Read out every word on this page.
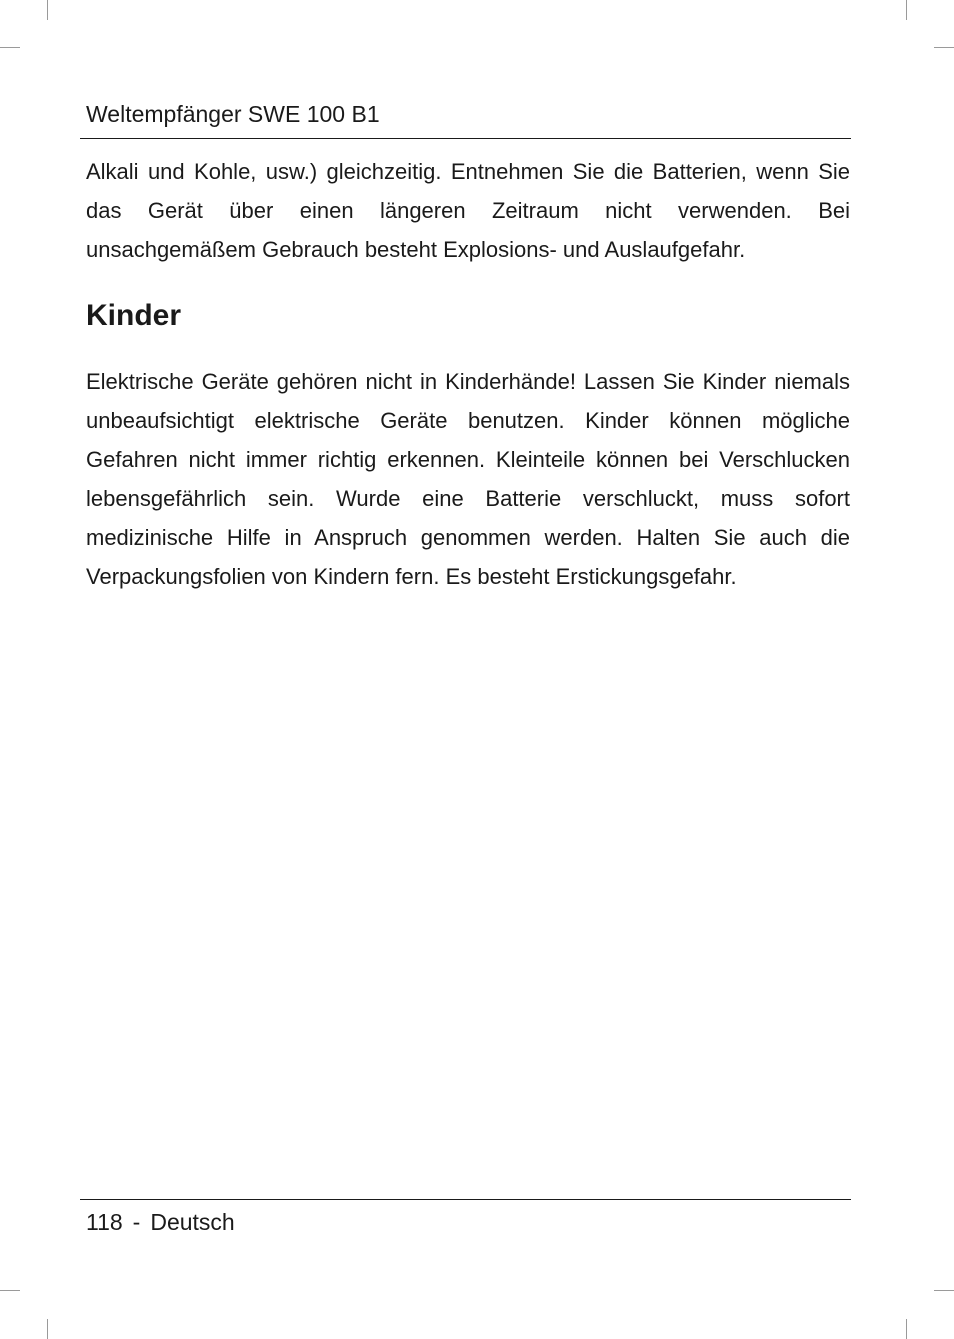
Weltempfänger SWE 100 B1

Alkali und Kohle, usw.) gleichzeitig. Entnehmen Sie die Batterien, wenn Sie das Gerät über einen längeren Zeitraum nicht verwenden. Bei unsachgemäßem Gebrauch besteht Explosions- und Auslaufgefahr.

Kinder

Elektrische Geräte gehören nicht in Kinderhände! Lassen Sie Kinder niemals unbeaufsichtigt elektrische Geräte benutzen. Kinder können mögliche Gefahren nicht immer richtig erkennen. Kleinteile können bei Verschlucken lebensgefährlich sein. Wurde eine Batterie verschluckt, muss sofort medizinische Hilfe in Anspruch genommen werden. Halten Sie auch die Verpackungsfolien von Kindern fern. Es besteht Erstickungsgefahr.

118 - Deutsch
